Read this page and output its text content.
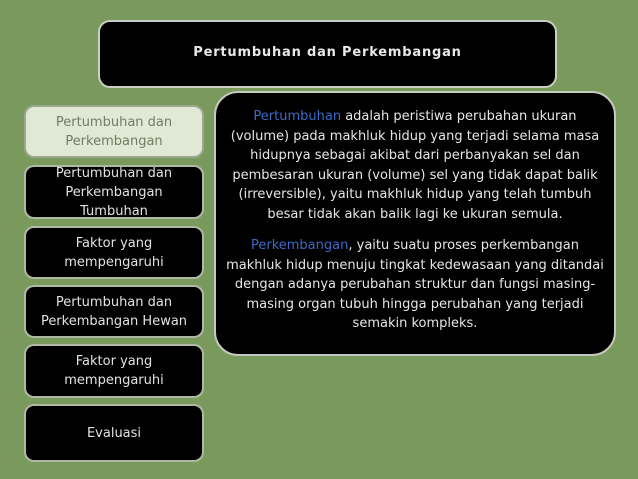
Pertumbuhan dan Perkembangan
Pertumbuhan dan
Perkembangan
Pertumbuhan dan
Perkembangan
Tumbuhan
Faktor yang
mempengaruhi
Pertumbuhan dan
Perkembangan Hewan
Faktor yang
mempengaruhi
Evaluasi

Pertumbuhan adalah peristiwa perubahan ukuran (volume) pada makhluk hidup yang terjadi selama masa hidupnya sebagai akibat dari perbanyakan sel dan pembesaran ukuran (volume) sel yang tidak dapat balik (irreversible), yaitu makhluk hidup yang telah tumbuh besar tidak akan balik lagi ke ukuran semula.

Perkembangan, yaitu suatu proses perkembangan makhluk hidup menuju tingkat kedewasaan yang ditandai dengan adanya perubahan struktur dan fungsi masing- masing organ tubuh hingga perubahan yang terjadi semakin kompleks.
